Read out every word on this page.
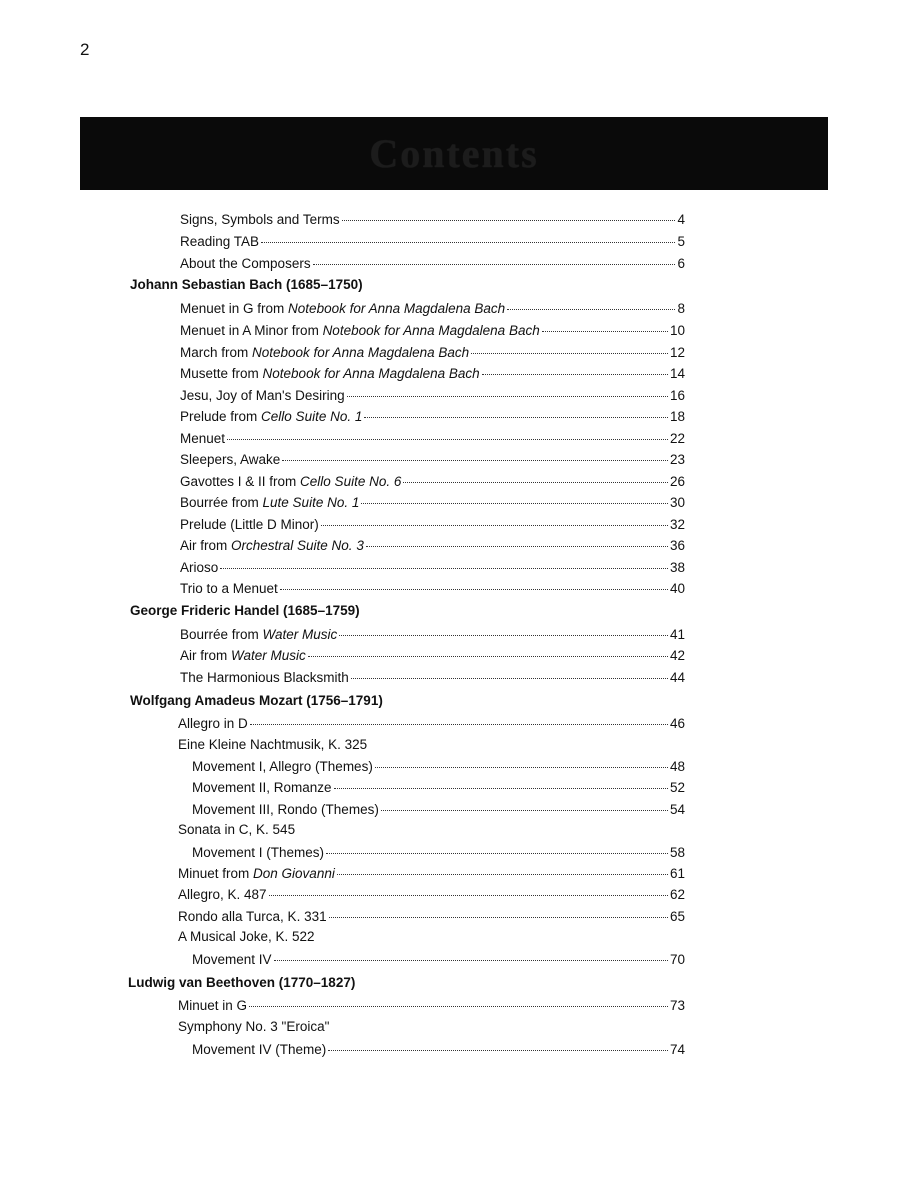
2
Contents
Signs, Symbols and Terms	4
Reading TAB	5
About the Composers	6
Johann Sebastian Bach (1685–1750)
Menuet in G from Notebook for Anna Magdalena Bach	8
Menuet in A Minor from Notebook for Anna Magdalena Bach	10
March from Notebook for Anna Magdalena Bach	12
Musette from Notebook for Anna Magdalena Bach	14
Jesu, Joy of Man's Desiring	16
Prelude from Cello Suite No. 1	18
Menuet	22
Sleepers, Awake	23
Gavottes I & II from Cello Suite No. 6	26
Bourrée from Lute Suite No. 1	30
Prelude (Little D Minor)	32
Air from Orchestral Suite No. 3	36
Arioso	38
Trio to a Menuet	40
George Frideric Handel (1685–1759)
Bourrée from Water Music	41
Air from Water Music	42
The Harmonious Blacksmith	44
Wolfgang Amadeus Mozart (1756–1791)
Allegro in D	46
Eine Kleine Nachtmusik, K. 325
Movement I, Allegro (Themes)	48
Movement II, Romanze	52
Movement III, Rondo (Themes)	54
Sonata in C, K. 545
Movement I (Themes)	58
Minuet from Don Giovanni	61
Allegro, K. 487	62
Rondo alla Turca, K. 331	65
A Musical Joke, K. 522
Movement IV	70
Ludwig van Beethoven (1770–1827)
Minuet in G	73
Symphony No. 3 "Eroica"
Movement IV (Theme)	74
